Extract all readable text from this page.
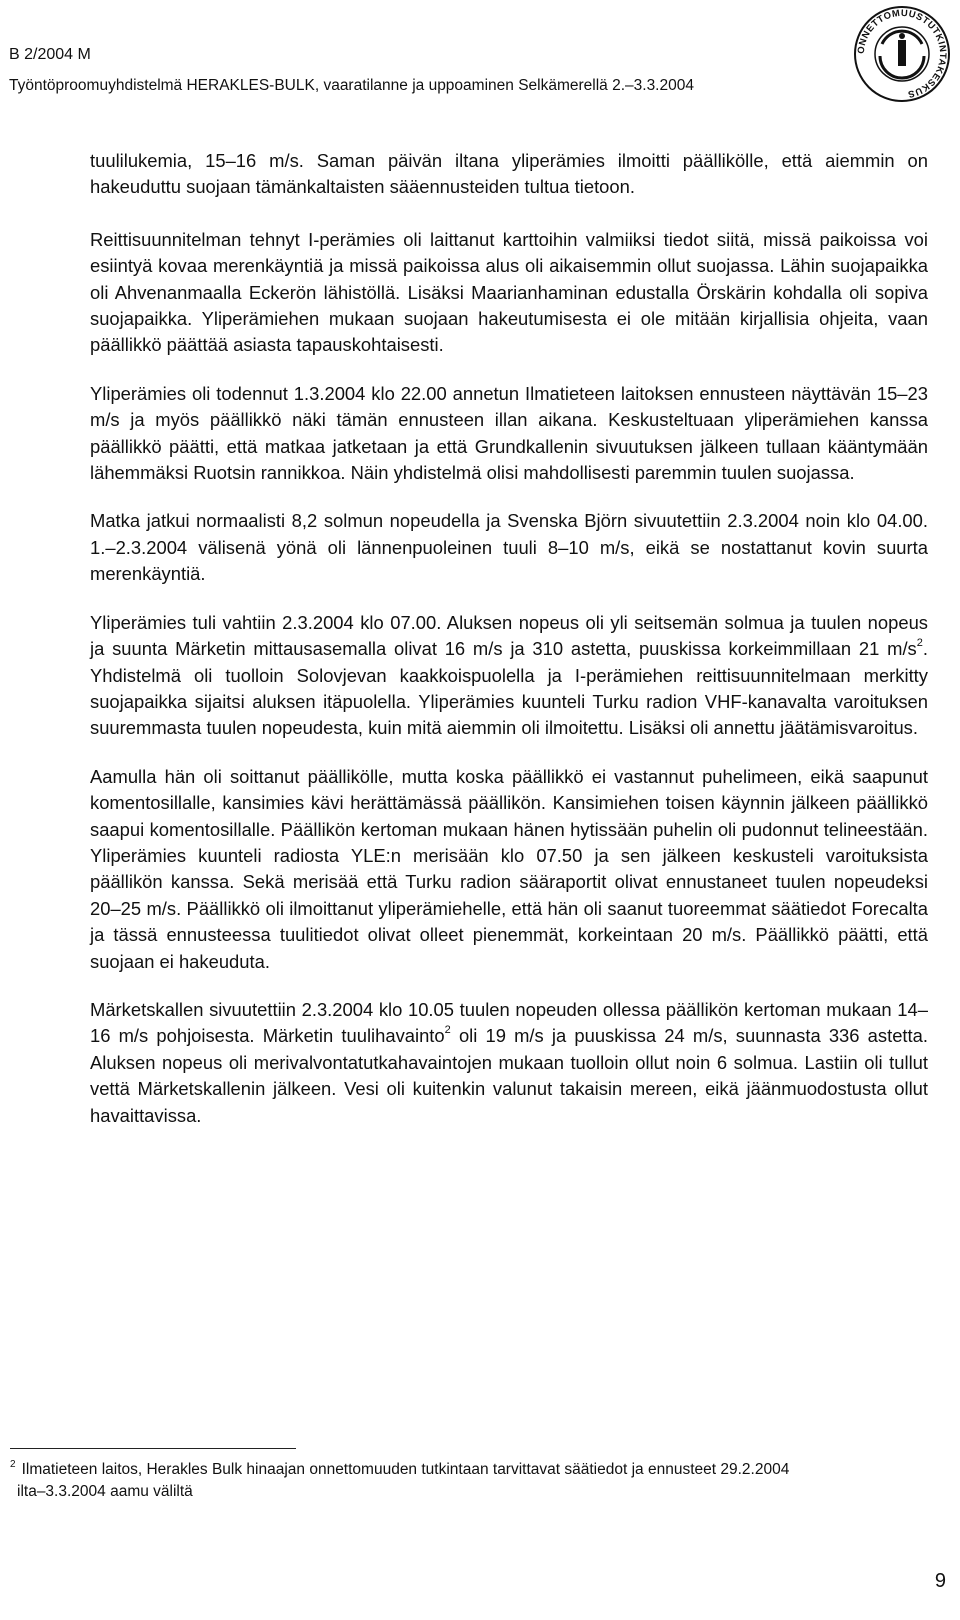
B 2/2004 M

Työntöproomuyhdistelmä HERAKLES-BULK, vaaratilanne ja uppoaminen Selkämerellä 2.–3.3.2004

ONNETTOMUUSTUTKINTAKESKUS

tuulilukemia, 15–16 m/s. Saman päivän iltana yliperämies ilmoitti päällikölle, että aiemmin on hakeuduttu suojaan tämänkaltaisten sääennusteiden tultua tietoon.

Reittisuunnitelman tehnyt I-perämies oli laittanut karttoihin valmiiksi tiedot siitä, missä paikoissa voi esiintyä kovaa merenkäyntiä ja missä paikoissa alus oli aikaisemmin ollut suojassa. Lähin suojapaikka oli Ahvenanmaalla Eckerön lähistöllä. Lisäksi Maarianhaminan edustalla Örskärin kohdalla oli sopiva suojapaikka. Yliperämiehen mukaan suojaan hakeutumisesta ei ole mitään kirjallisia ohjeita, vaan päällikkö päättää asiasta tapauskohtaisesti.

Yliperämies oli todennut 1.3.2004 klo 22.00 annetun Ilmatieteen laitoksen ennusteen näyttävän 15–23 m/s ja myös päällikkö näki tämän ennusteen illan aikana. Keskusteltuaan yliperämiehen kanssa päällikkö päätti, että matkaa jatketaan ja että Grundkallenin sivuutuksen jälkeen tullaan kääntymään lähemmäksi Ruotsin rannikkoa. Näin yhdistelmä olisi mahdollisesti paremmin tuulen suojassa.

Matka jatkui normaalisti 8,2 solmun nopeudella ja Svenska Björn sivuutettiin 2.3.2004 noin klo 04.00. 1.–2.3.2004 välisenä yönä oli lännenpuoleinen tuuli 8–10 m/s, eikä se nostattanut kovin suurta merenkäyntiä.

Yliperämies tuli vahtiin 2.3.2004 klo 07.00. Aluksen nopeus oli yli seitsemän solmua ja tuulen nopeus ja suunta Märketin mittausasemalla olivat 16 m/s ja 310 astetta, puuskissa korkeimmillaan 21 $m/s^2$. Yhdistelmä oli tuolloin Solovjevan kaakkoispuolella ja I-perämiehen reittisuunnitelmaan merkitty suojapaikka sijaitsi aluksen itäpuolella. Yliperämies kuunteli Turku radion VHF-kanavalta varoituksen suuremmasta tuulen nopeudesta, kuin mitä aiemmin oli ilmoitettu. Lisäksi oli annettu jäätämisvaroitus.

Aamulla hän oli soittanut päällikölle, mutta koska päällikkö ei vastannut puhelimeen, eikä saapunut komentosillalle, kansimies kävi herättämässä päällikön. Kansimiehen toisen käynnin jälkeen päällikkö saapui komentosillalle. Päällikön kertoman mukaan hänen hytissään puhelin oli pudonnut telineestään. Yliperämies kuunteli radiosta YLE:n merisään klo 07.50 ja sen jälkeen keskusteli varoituksista päällikön kanssa. Sekä merisää että Turku radion sääraportit olivat ennustaneet tuulen nopeudeksi 20–25 m/s. Päällikkö oli ilmoittanut yliperämiehelle, että hän oli saanut tuoreemmat säätiedot Forecalta ja tässä ennusteessa tuulitiedot olivat olleet pienemmät, korkeintaan 20 m/s. Päällikkö päätti, että suojaan ei hakeuduta.

Märketskallen sivuutettiin 2.3.2004 klo 10.05 tuulen nopeuden ollessa päällikön kertoman mukaan 14–16 m/s pohjoisesta. Märketin tuulihavainto$^2$ oli 19 m/s ja puuskissa 24 m/s, suunnasta 336 astetta. Aluksen nopeus oli merivalvontatutkahavaintojen mukaan tuolloin ollut noin 6 solmua. Lastiin oli tullut vettä Märketskallenin jälkeen. Vesi oli kuitenkin valunut takaisin mereen, eikä jäänmuodostusta ollut havaittavissa.

$^2$ Ilmatieteen laitos, Herakles Bulk hinaajan onnettomuuden tutkintaan tarvittavat säätiedot ja ennusteet 29.2.2004
ilta–3.3.2004 aamu väliltä
9
